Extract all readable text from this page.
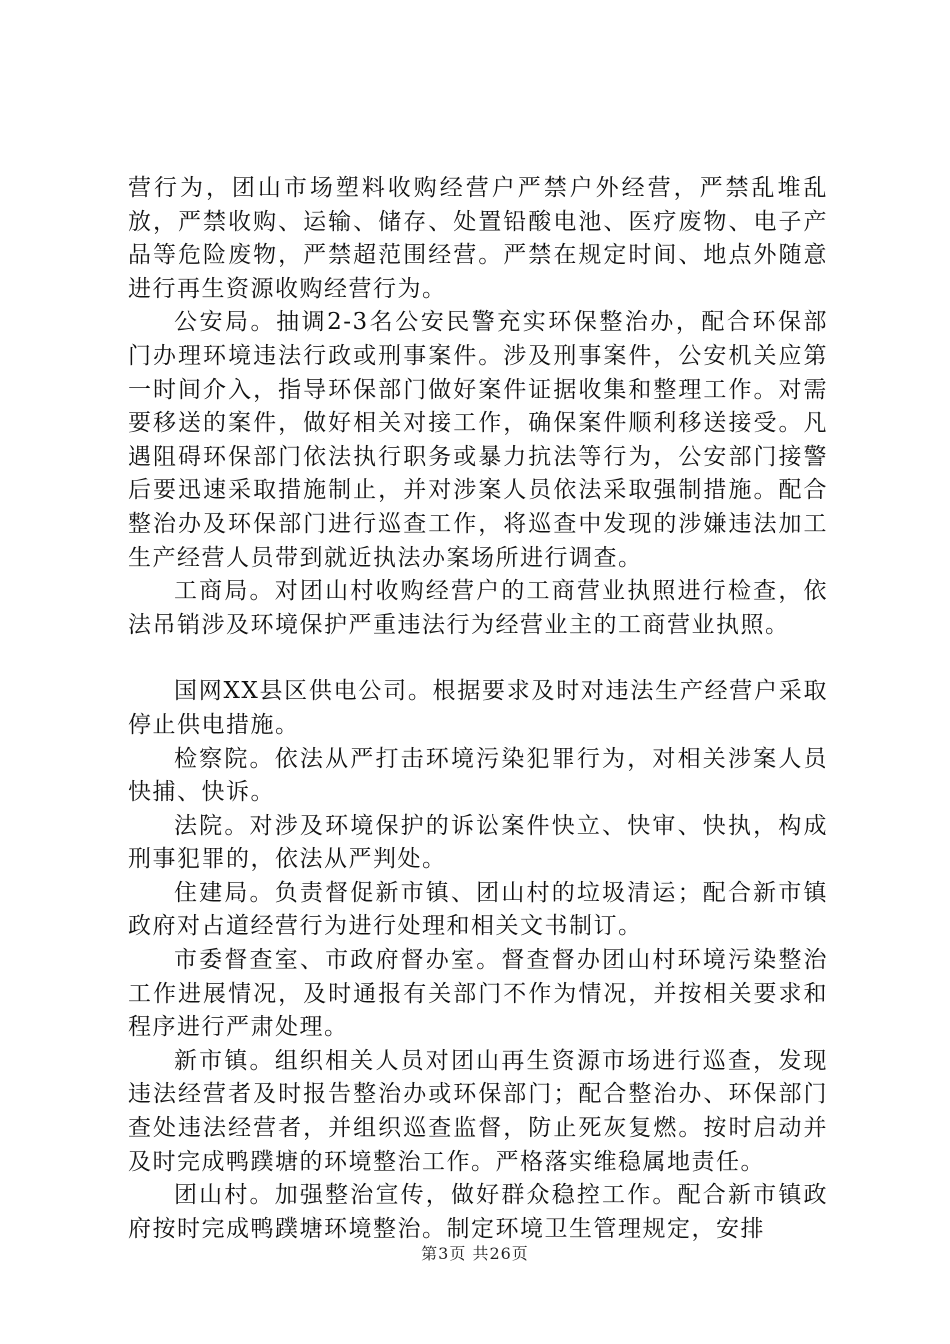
营行为，团山市场塑料收购经营户严禁户外经营，严禁乱堆乱放，严禁收购、运输、储存、处置铅酸电池、医疗废物、电子产品等危险废物，严禁超范围经营。严禁在规定时间、地点外随意进行再生资源收购经营行为。

公安局。抽调2-3名公安民警充实环保整治办，配合环保部门办理环境违法行政或刑事案件。涉及刑事案件，公安机关应第一时间介入，指导环保部门做好案件证据收集和整理工作。对需要移送的案件，做好相关对接工作，确保案件顺利移送接受。凡遇阻碍环保部门依法执行职务或暴力抗法等行为，公安部门接警后要迅速采取措施制止，并对涉案人员依法采取强制措施。配合整治办及环保部门进行巡查工作，将巡查中发现的涉嫌违法加工生产经营人员带到就近执法办案场所进行调查。

工商局。对团山村收购经营户的工商营业执照进行检查，依法吊销涉及环境保护严重违法行为经营业主的工商营业执照。

国网XX县区供电公司。根据要求及时对违法生产经营户采取停止供电措施。

检察院。依法从严打击环境污染犯罪行为，对相关涉案人员快捕、快诉。

法院。对涉及环境保护的诉讼案件快立、快审、快执，构成刑事犯罪的，依法从严判处。

住建局。负责督促新市镇、团山村的垃圾清运；配合新市镇政府对占道经营行为进行处理和相关文书制订。

市委督查室、市政府督办室。督查督办团山村环境污染整治工作进展情况，及时通报有关部门不作为情况，并按相关要求和程序进行严肃处理。

新市镇。组织相关人员对团山再生资源市场进行巡查，发现违法经营者及时报告整治办或环保部门；配合整治办、环保部门查处违法经营者，并组织巡查监督，防止死灰复燃。按时启动并及时完成鸭蹼塘的环境整治工作。严格落实维稳属地责任。

团山村。加强整治宣传，做好群众稳控工作。配合新市镇政府按时完成鸭蹼塘环境整治。制定环境卫生管理规定，安排

第3页 共26页
